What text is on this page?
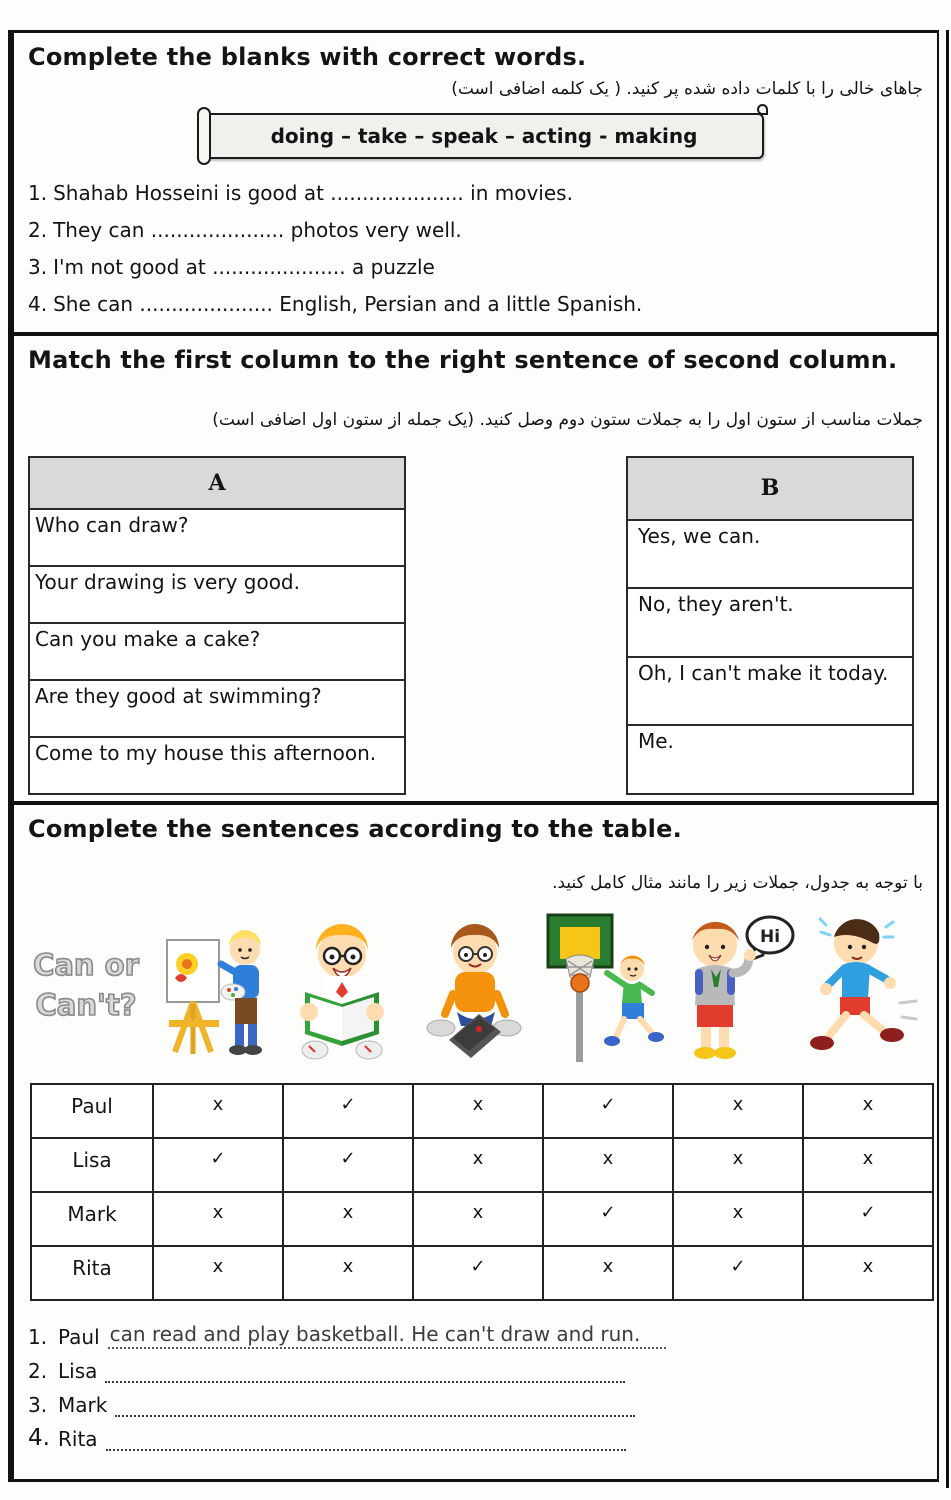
Complete the blanks with correct words.
جاهای خالی را با کلمات داده شده پر کنید. ( یک کلمه اضافی است)
doing – take – speak – acting - making
1. Shahab Hosseini is good at ..................... in movies.
2. They can ..................... photos very well.
3. I'm not good at ..................... a puzzle
4. She can ..................... English, Persian and a little Spanish.
Match the first column to the right sentence of second column.
جملات مناسب از ستون اول را به جملات ستون دوم وصل کنید. (یک جمله از ستون اول اضافی است)
A
Who can draw?
Your drawing is very good.
Can you make a cake?
Are they good at swimming?
Come to my house this afternoon.
B
Yes, we can.
No, they aren't.
Oh, I can't make it today.
Me.
Complete the sentences according to the table.
با توجه به جدول، جملات زیر را مانند مثال کامل کنید.
Can or
Can't?
Hi
Paul	x	✓	x	✓	x	x
Lisa	✓	✓	x	x	x	x
Mark	x	x	x	✓	x	✓
Rita	x	x	✓	x	✓	x
1. Paul can read and play basketball. He can't draw and run.
2. Lisa
3. Mark
4. Rita
